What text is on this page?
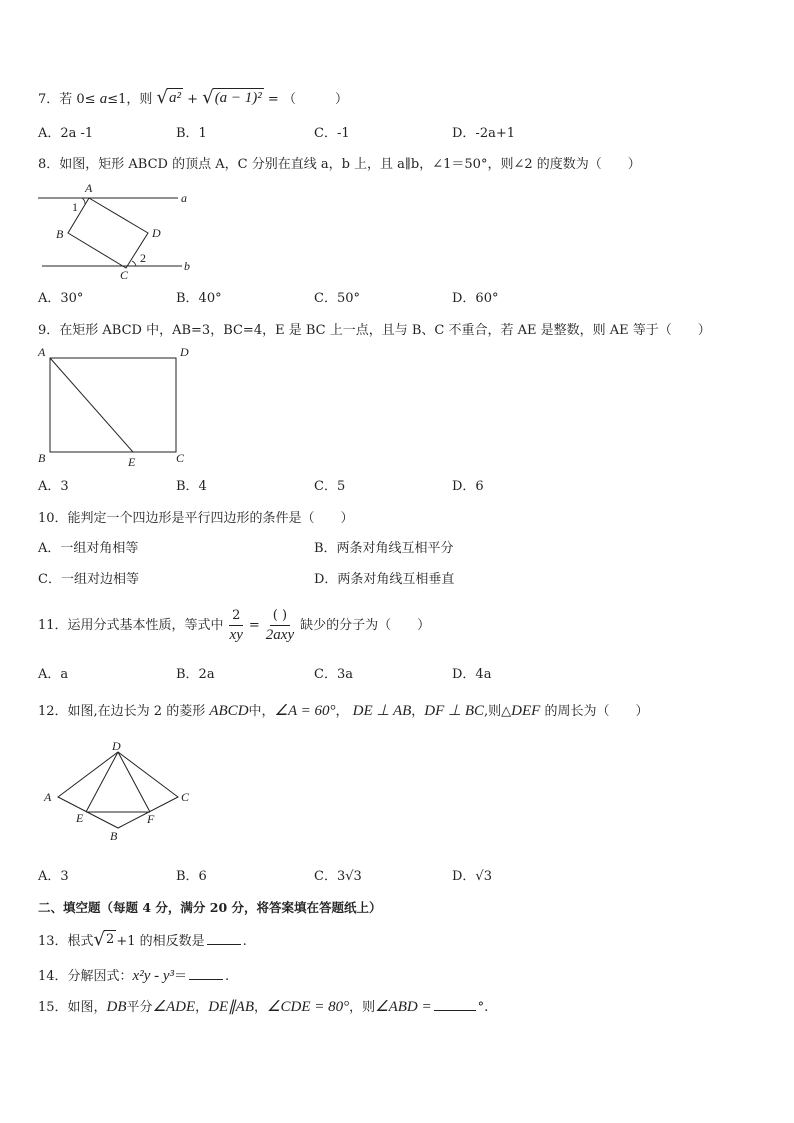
7．若 0≤ a≤1，则 √ a² + √ (a − 1)² = （　　　）
A．2a -1	B．1	C．-1	D．-2a+1
8．如图，矩形 ABCD 的顶点 A，C 分别在直线 a，b 上，且 a∥b，∠1＝50°，则∠2 的度数为（　　）
A
B
C
D
a
b
1
2
A．30°	B．40°	C．50°	D．60°
9．在矩形 ABCD 中，AB=3，BC=4，E 是 BC 上一点，且与 B、C 不重合，若 AE 是整数，则 AE 等于（　　）
A	D
B	C
E
A．3	B．4	C．5	D．6
10．能判定一个四边形是平行四边形的条件是（　　）
A．一组对角相等	B．两条对角线互相平分
C．一组对边相等	D．两条对角线互相垂直
11．运用分式基本性质，等式中 $\frac{2}{xy} = \frac{( )}{\text{2axy}}$ 缺少的分子为（　　）
A．a	B．2a	C．3a	D．4a
12．如图,在边长为 2 的菱形 ABCD中，∠A = 60°， DE ⊥ AB，DF ⊥ BC,则△DEF 的周长为（　　）
D
A	C
E	F
B
A．3	B．6	C．3√3	D．√3
二、填空题（每题 4 分，满分 20 分，将答案填在答题纸上）
13．根式 √ 2 +1 的相反数是	.
14．分解因式：x²y - y³＝	.
15．如图，DB平分∠ADE，DE∥AB，∠CDE = 80°，则∠ABD =	°.
